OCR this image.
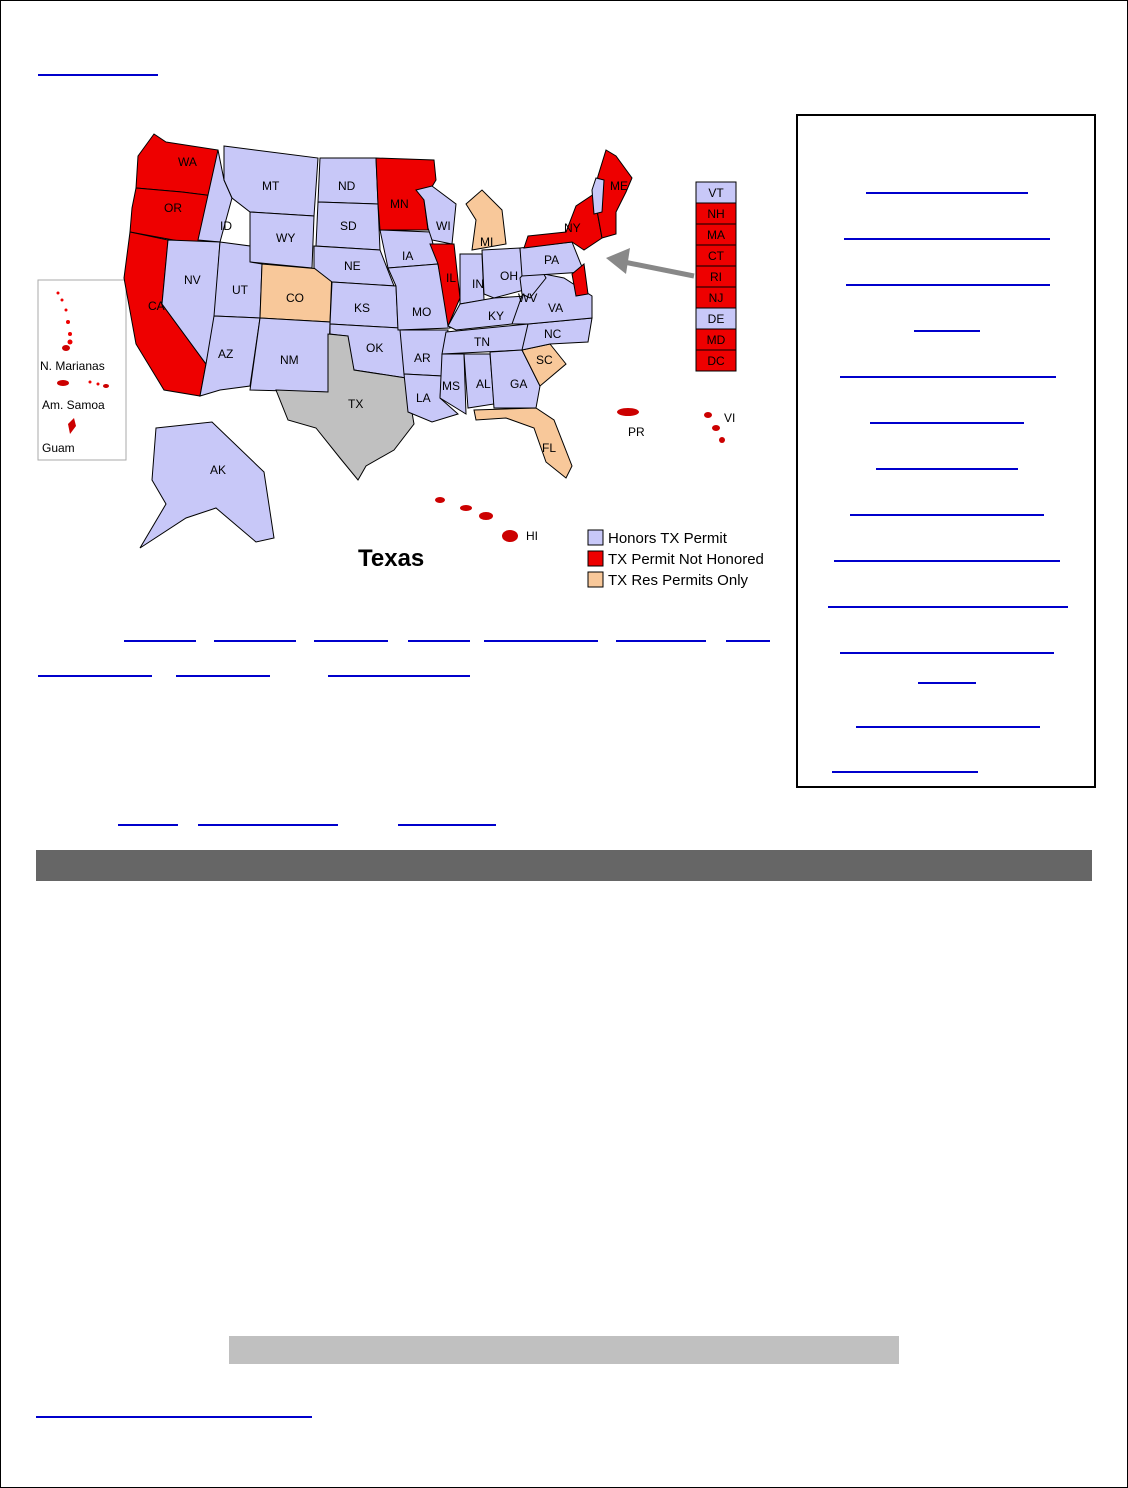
N. Marianas
Am. Samoa
Guam
WA
OR
CA
ID
NV
MT
WY
UT
CO
AZ	NM
ND
SD
NE
KS
OK
TX
MN
IA
MO
AR
LA
WI
IL
MI
IN
OH
KY
TN
MS AL GA
FL
SC
NC
VA
WV
PA
NY
ME
AK
HI
PR
VI
VT
NH
MA
CT
RI
NJ
DE
MD
DC
Texas
Honors TX Permit
TX Permit Not Honored
TX Res Permits Only
